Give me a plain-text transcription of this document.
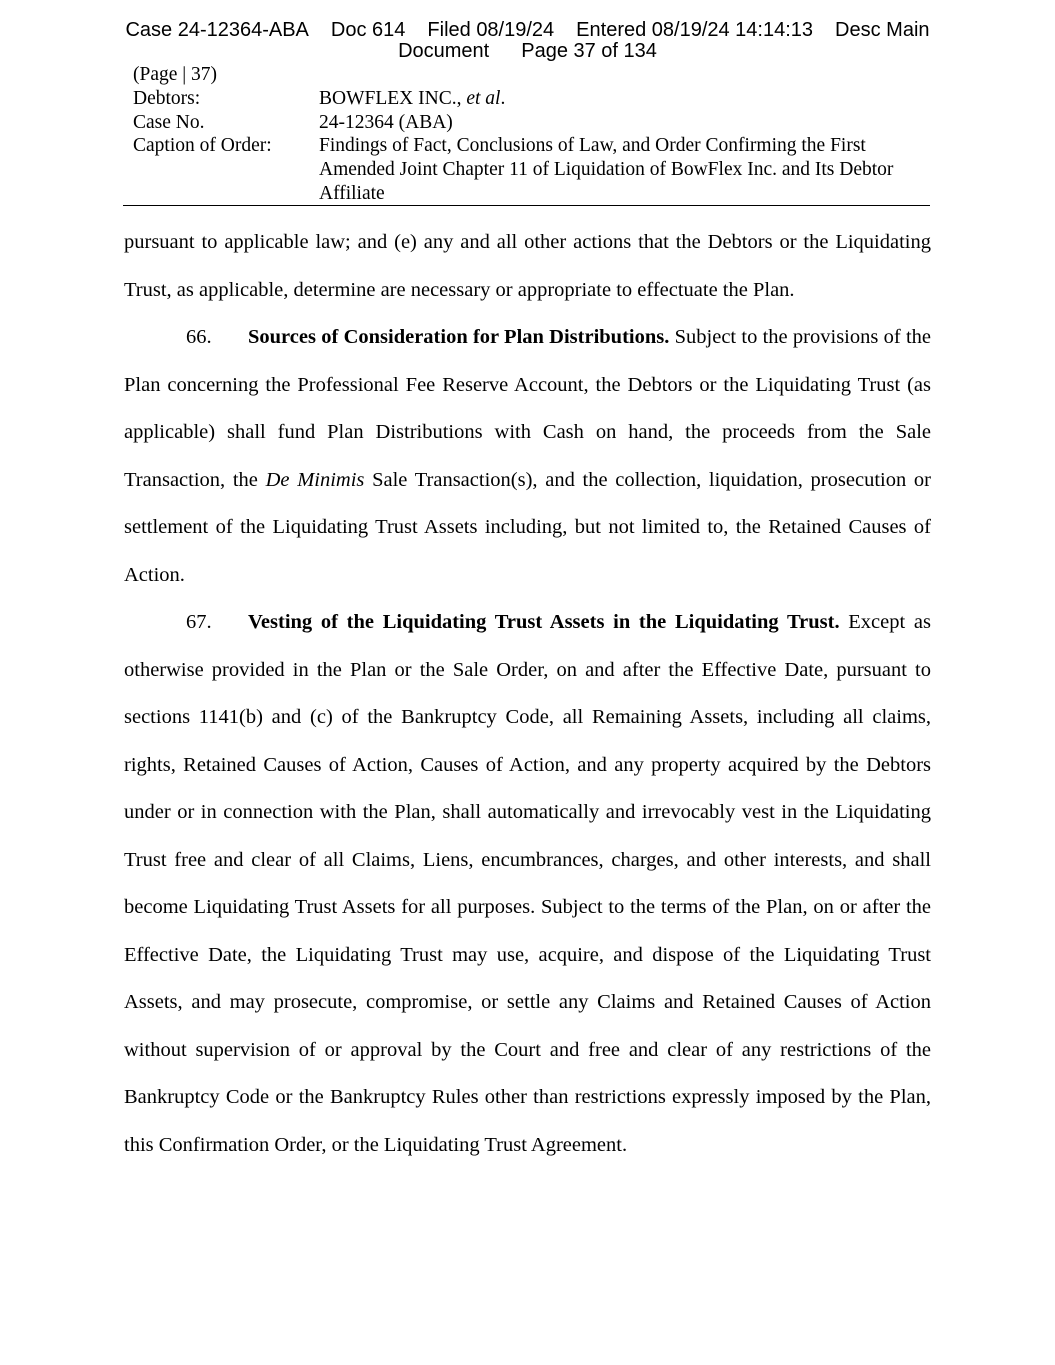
Case 24-12364-ABA Doc 614 Filed 08/19/24 Entered 08/19/24 14:14:13 Desc Main
Document Page 37 of 134
(Page | 37)
Debtors:	BOWFLEX INC., et al.
Case No.	24-12364 (ABA)
Caption of Order:	Findings of Fact, Conclusions of Law, and Order Confirming the First
Amended Joint Chapter 11 of Liquidation of BowFlex Inc. and Its Debtor
Affiliate

pursuant to applicable law; and (e) any and all other actions that the Debtors or the Liquidating Trust, as applicable, determine are necessary or appropriate to effectuate the Plan.

66. Sources of Consideration for Plan Distributions. Subject to the provisions of the Plan concerning the Professional Fee Reserve Account, the Debtors or the Liquidating Trust (as applicable) shall fund Plan Distributions with Cash on hand, the proceeds from the Sale Transaction, the De Minimis Sale Transaction(s), and the collection, liquidation, prosecution or settlement of the Liquidating Trust Assets including, but not limited to, the Retained Causes of Action.

67. Vesting of the Liquidating Trust Assets in the Liquidating Trust. Except as otherwise provided in the Plan or the Sale Order, on and after the Effective Date, pursuant to sections 1141(b) and (c) of the Bankruptcy Code, all Remaining Assets, including all claims, rights, Retained Causes of Action, Causes of Action, and any property acquired by the Debtors under or in connection with the Plan, shall automatically and irrevocably vest in the Liquidating Trust free and clear of all Claims, Liens, encumbrances, charges, and other interests, and shall become Liquidating Trust Assets for all purposes. Subject to the terms of the Plan, on or after the Effective Date, the Liquidating Trust may use, acquire, and dispose of the Liquidating Trust Assets, and may prosecute, compromise, or settle any Claims and Retained Causes of Action without supervision of or approval by the Court and free and clear of any restrictions of the Bankruptcy Code or the Bankruptcy Rules other than restrictions expressly imposed by the Plan, this Confirmation Order, or the Liquidating Trust Agreement.
